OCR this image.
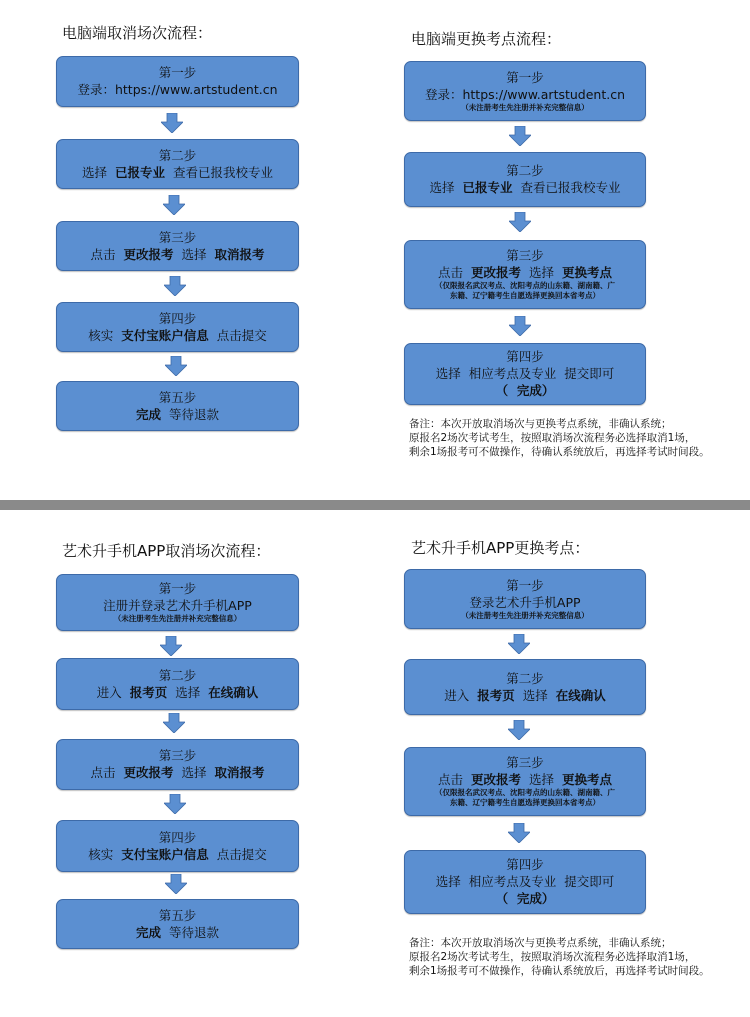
电脑端取消场次流程：
第一步
登录：https://www.artstudent.cn
第二步
选择 已报专业 查看已报我校专业
第三步
点击 更改报考 选择 取消报考
第四步
核实 支付宝账户信息 点击提交
第五步
完成 等待退款
电脑端更换考点流程：
第一步
登录：https://www.artstudent.cn
（未注册考生先注册并补充完整信息）
第二步
选择 已报专业 查看已报我校专业
第三步
点击 更改报考 选择 更换考点
（仅限报名武汉考点、沈阳考点的山东籍、湖南籍、广
东籍、辽宁籍考生自愿选择更换回本省考点）
第四步
选择  相应考点及专业  提交即可
（  完成）
备注：本次开放取消场次与更换考点系统，非确认系统；
原报名2场次考试考生，按照取消场次流程务必选择取消1场，
剩余1场报考可不做操作，待确认系统放后，再选择考试时间段。
艺术升手机APP取消场次流程：
第一步
注册并登录艺术升手机APP
（未注册考生先注册并补充完整信息）
第二步
进入 报考页 选择 在线确认
第三步
点击 更改报考 选择 取消报考
第四步
核实 支付宝账户信息 点击提交
第五步
完成 等待退款
艺术升手机APP更换考点：
第一步
登录艺术升手机APP
（未注册考生先注册并补充完整信息）
第二步
进入 报考页 选择 在线确认
第三步
点击 更改报考 选择 更换考点
（仅限报名武汉考点、沈阳考点的山东籍、湖南籍、广
东籍、辽宁籍考生自愿选择更换回本省考点）
第四步
选择  相应考点及专业  提交即可
（  完成）
备注：本次开放取消场次与更换考点系统，非确认系统；
原报名2场次考试考生，按照取消场次流程务必选择取消1场，
剩余1场报考可不做操作，待确认系统放后，再选择考试时间段。
